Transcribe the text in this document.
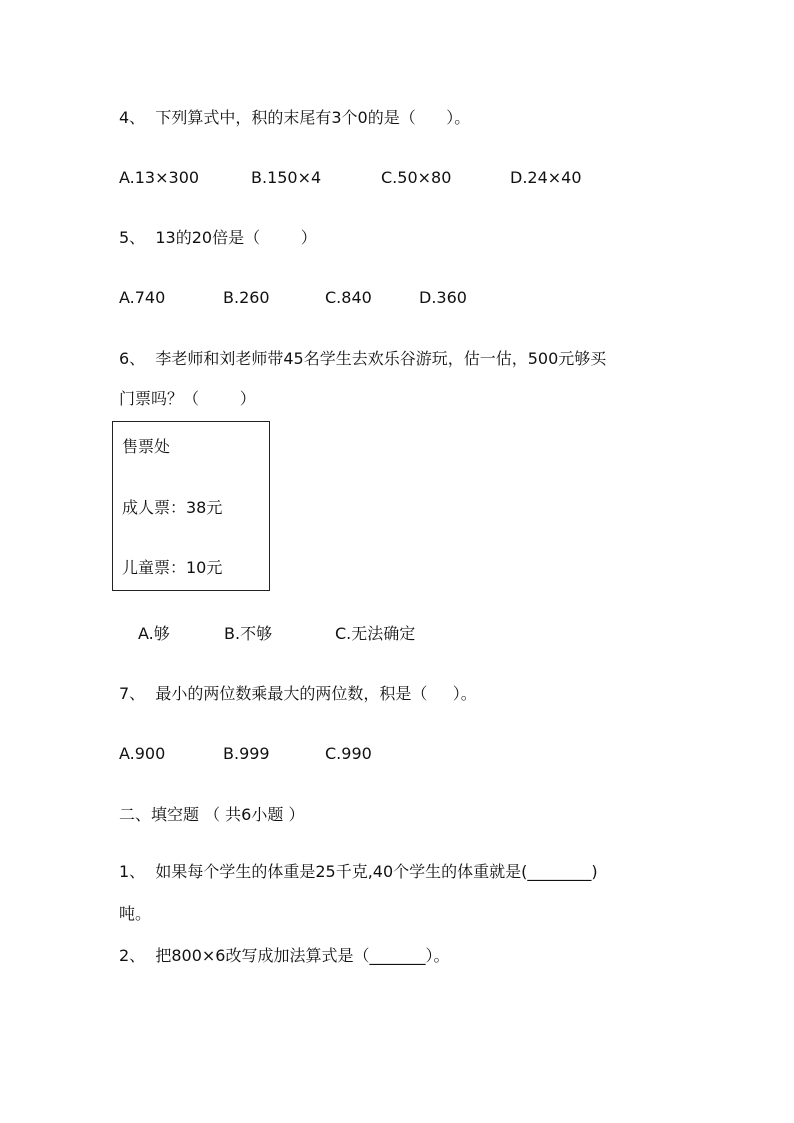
4、  下列算式中，积的末尾有3个0的是（      ）。
A.13×300	B.150×4	C.50×80	D.24×40
5、  13的20倍是（        ）
A.740	B.260	C.840	D.360
6、  李老师和刘老师带45名学生去欢乐谷游玩，估一估，500元够买
门票吗？（        ）
售票处
成人票：38元
儿童票：10元
A.够	B.不够	C.无法确定
7、  最小的两位数乘最大的两位数，积是（     ）。
A.900	B.999	C.990
二、填空题 （ 共6小题 ）
1、  如果每个学生的体重是25千克,40个学生的体重就是(________)
吨。
2、  把800×6改写成加法算式是（_______）。
